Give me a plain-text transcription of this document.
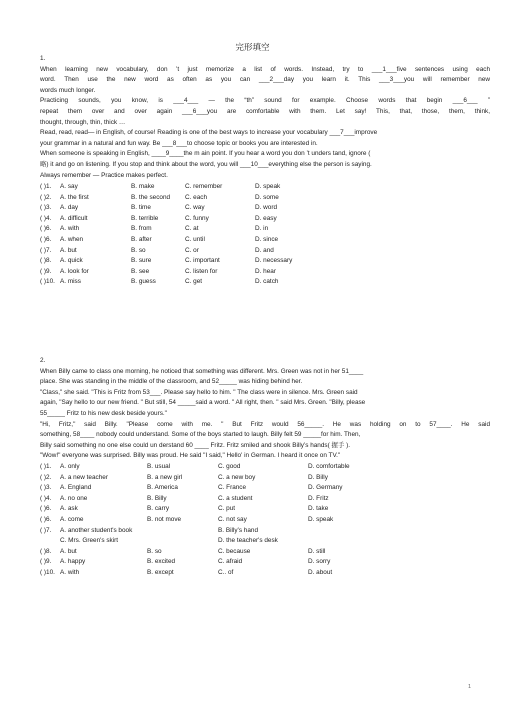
完形填空
1.
When learning new vocabulary, don ’t just memorize a list of words. Instead, try to ___1___five sentences using each
word. Then use the new word as often as you can ___2___day you learn it. This ___3___you will remember new
words much longer.
Practicing sounds, you know, is ___4___ — the “th” sound for example. Choose words that begin ___6___ ”
repeat them over and over again ___6___you are comfortable with them. Let say! This, that, those, them, think,
thought, through, thin, thick …
Read, read, read— in English, of course! Reading is one of the best ways to increase your vocabulary ___7___improve
your grammar in a natural and fun way. Be ___8___to choose topic or books you are interested in.
When someone is speaking in English, ____9____the m ain point. If you hear a word you don ’t unders tand, ignore (
略) it and go on listening. If you stop and think about the word, you will ___10___everything else the person is saying.
Always remember — Practice makes perfect.
( )1. A. say	B. make	C. remember	D. speak
( )2. A. the first	B. the second C. each	D. some
( )3. A. day	B. time	C. way	D. word
( )4. A. difficult	B. terrible	C. funny	D. easy
( )6. A. with	B. from	C. at	D. in
( )6. A. when	B. after	C. until	D. since
( )7. A. but	B. so	C. or	D. and
( )8. A. quick	B. sure	C. important	D. necessary
( )9. A. look for	B. see	C. listen for	D. hear
( )10. A. miss	B. guess	C. get	D. catch
2.
When Billy came to class one morning, he noticed that something was different. Mrs. Green was not in her 51____
place. She was standing in the middle of the classroom, and 52_____ was hiding behind her.
"Class," she said. "This is Fritz from 53___. Please say hello to him. " The class were in silence. Mrs. Green said
again, "Say hello to our new friend. " But still, 54 _____said a word. " All right, then. " said Mrs. Green. "Billy, please
55_____ Fritz to his new desk beside yours."
"Hi, Fritz," said Billy. "Please come with me. " But Fritz would 56_____. He was holding on to 57____. He said
something, 58____ nobody could understand. Some of the boys started to laugh. Billy felt 59 _____for him. Then,
Billy said something no one else could un derstand 60 ____ Fritz. Fritz smiled and shook Billy’s hands( 握手 ).
"Wow!" everyone was surprised. Billy was proud. He said "I said," Hello' in German. I heard it once on TV."
( )1. A. only	B. usual	C. good	D. comfortable
( )2. A. a new teacher	B. a new girl	C. a new boy	D. Billy
( )3. A. England	B. America	C. France	D. Germany
( )4. A. no one	B. Billy	C. a student	D. Fritz
( )6. A. ask	B. carry	C. put	D. take
( )6. A. come	B. not move	C. not say	D. speak
( )7. A. another student's book	B. Billy’s hand
C. Mrs. Green's skirt	D. the teacher's desk
( )8. A. but	B. so	C. because	D. still
( )9. A. happy	B. excited	C. afraid	D. sorry
( )10. A. with	B. except	C.. of	D. about
1
